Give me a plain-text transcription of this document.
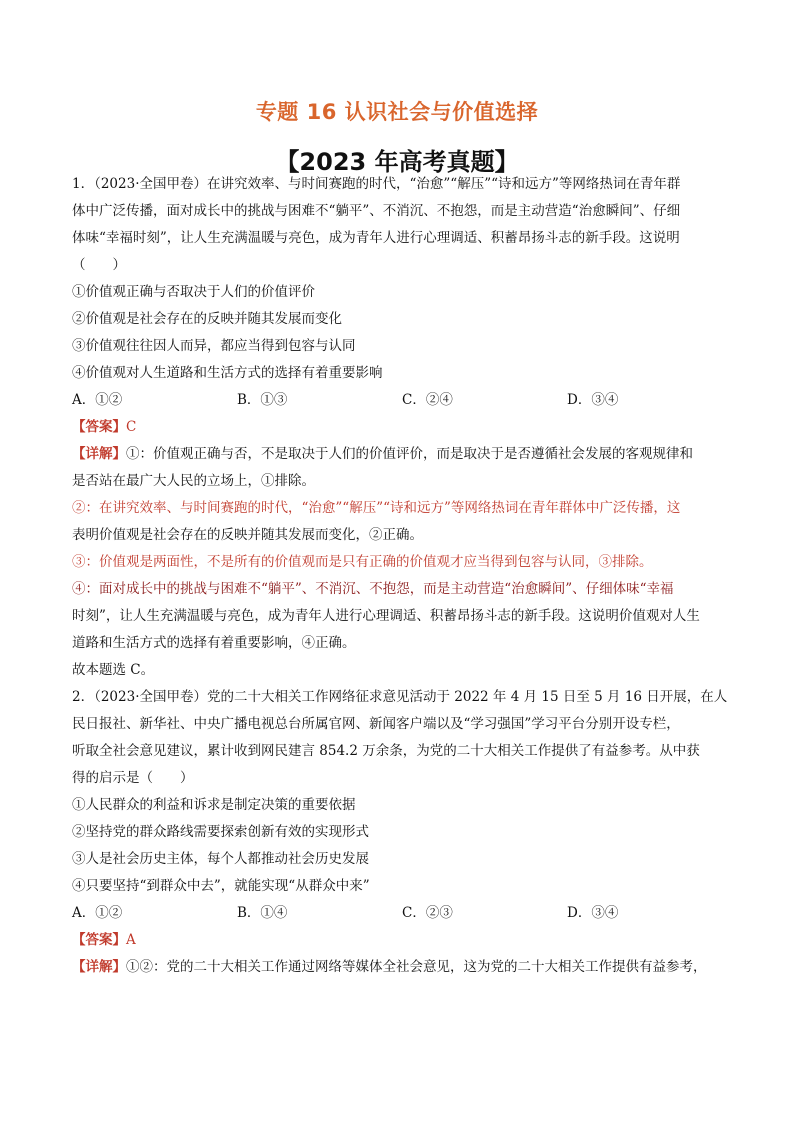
专题 16 认识社会与价值选择
【2023 年高考真题】
1．（2023·全国甲卷）在讲究效率、与时间赛跑的时代，“治愈”“解压”“诗和远方”等网络热词在青年群
体中广泛传播，面对成长中的挑战与困难不“躺平”、不消沉、不抱怨，而是主动营造“治愈瞬间”、仔细
体味“幸福时刻”，让人生充满温暖与亮色，成为青年人进行心理调适、积蓄昂扬斗志的新手段。这说明
（　　）
①价值观正确与否取决于人们的价值评价
②价值观是社会存在的反映并随其发展而变化
③价值观往往因人而异，都应当得到包容与认同
④价值观对人生道路和生活方式的选择有着重要影响
A．①②	B．①③	C．②④	D．③④
【答案】C
【详解】①：价值观正确与否，不是取决于人们的价值评价，而是取决于是否遵循社会发展的客观规律和
是否站在最广大人民的立场上，①排除。
②：在讲究效率、与时间赛跑的时代，“治愈”“解压”“诗和远方”等网络热词在青年群体中广泛传播，这
表明价值观是社会存在的反映并随其发展而变化，②正确。
③：价值观是两面性，不是所有的价值观而是只有正确的价值观才应当得到包容与认同，③排除。
④：面对成长中的挑战与困难不“躺平”、不消沉、不抱怨，而是主动营造“治愈瞬间”、仔细体味“幸福
时刻”，让人生充满温暖与亮色，成为青年人进行心理调适、积蓄昂扬斗志的新手段。这说明价值观对人生
道路和生活方式的选择有着重要影响，④正确。
故本题选 C。
2．（2023·全国甲卷）党的二十大相关工作网络征求意见活动于 2022 年 4 月 15 日至 5 月 16 日开展，在人
民日报社、新华社、中央广播电视总台所属官网、新闻客户端以及“学习强国”学习平台分别开设专栏，
听取全社会意见建议，累计收到网民建言 854.2 万余条，为党的二十大相关工作提供了有益参考。从中获
得的启示是（　　）
①人民群众的利益和诉求是制定决策的重要依据
②坚持党的群众路线需要探索创新有效的实现形式
③人是社会历史主体，每个人都推动社会历史发展
④只要坚持“到群众中去”，就能实现“从群众中来”
A．①②	B．①④	C．②③	D．③④
【答案】A
【详解】①②：党的二十大相关工作通过网络等媒体全社会意见，这为党的二十大相关工作提供有益参考，
